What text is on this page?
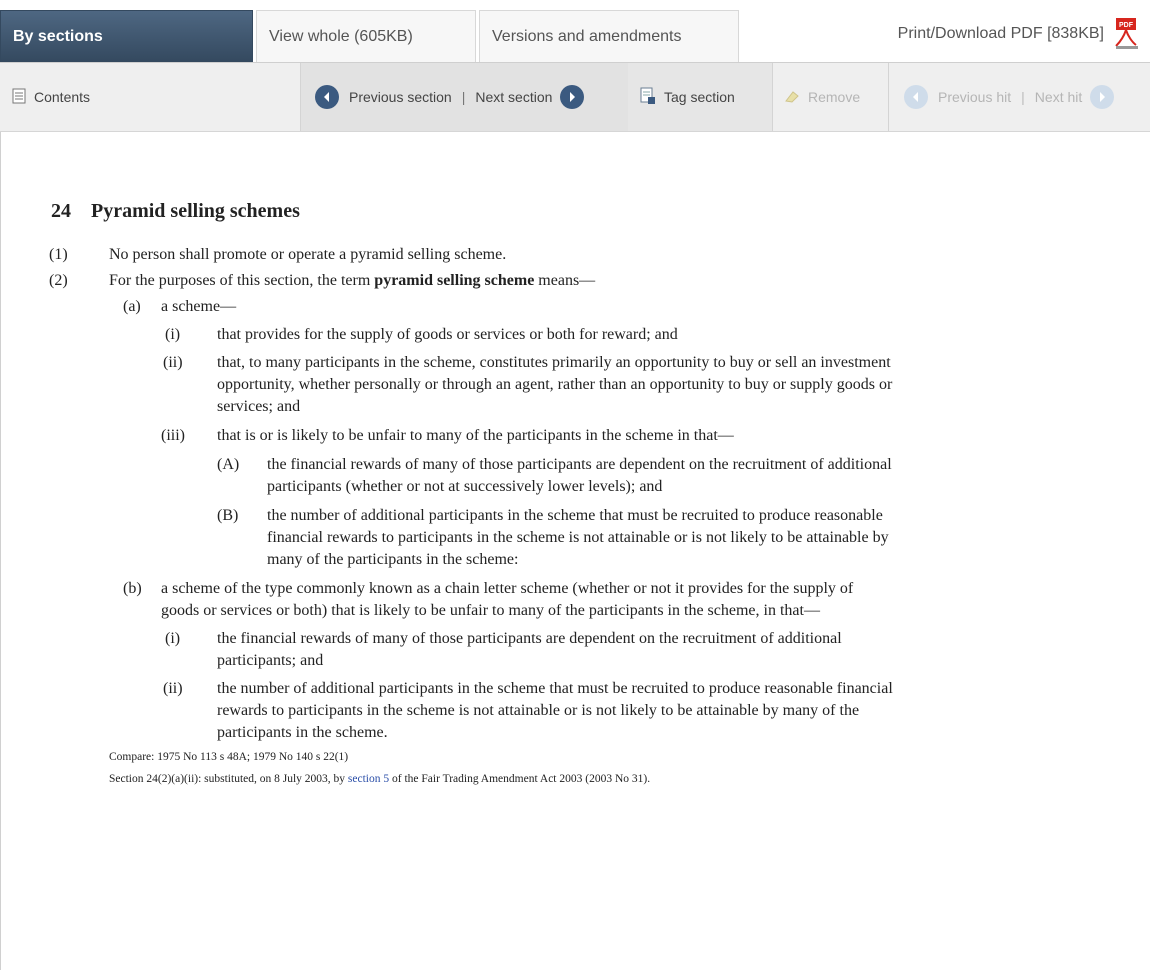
By sections	View whole (605KB)	Versions and amendments	Print/Download PDF [838KB] PDF
Contents	Previous section | Next section	Tag section	Remove	Previous hit | Next hit
24 Pyramid selling schemes
(1)	No person shall promote or operate a pyramid selling scheme.
(2)	For the purposes of this section, the term pyramid selling scheme means—
(a) a scheme—
(i) that provides for the supply of goods or services or both for reward; and
(ii) that, to many participants in the scheme, constitutes primarily an opportunity to buy or sell an investment
opportunity, whether personally or through an agent, rather than an opportunity to buy or supply goods or
services; and
(iii) that is or is likely to be unfair to many of the participants in the scheme in that—
(A) the financial rewards of many of those participants are dependent on the recruitment of additional
participants (whether or not at successively lower levels); and
(B) the number of additional participants in the scheme that must be recruited to produce reasonable
financial rewards to participants in the scheme is not attainable or is not likely to be attainable by
many of the participants in the scheme:
(b) a scheme of the type commonly known as a chain letter scheme (whether or not it provides for the supply of
goods or services or both) that is likely to be unfair to many of the participants in the scheme, in that—
(i) the financial rewards of many of those participants are dependent on the recruitment of additional
participants; and
(ii) the number of additional participants in the scheme that must be recruited to produce reasonable financial
rewards to participants in the scheme is not attainable or is not likely to be attainable by many of the
participants in the scheme.
Compare: 1975 No 113 s 48A; 1979 No 140 s 22(1)
Section 24(2)(a)(ii): substituted, on 8 July 2003, by section 5 of the Fair Trading Amendment Act 2003 (2003 No 31).
